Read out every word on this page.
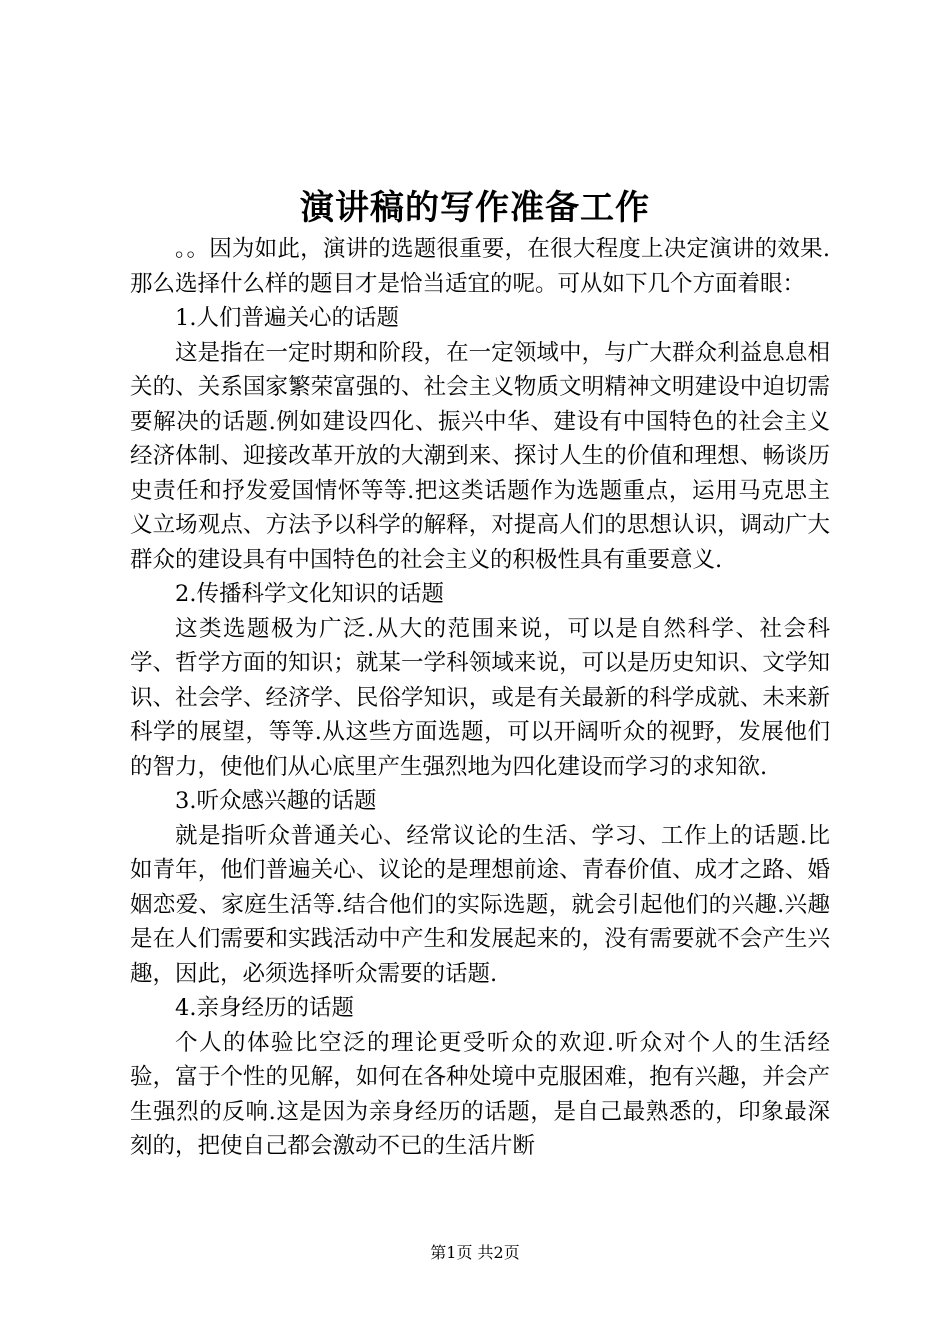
演讲稿的写作准备工作

。。因为如此，演讲的选题很重要，在很大程度上决定演讲的效果.那么选择什么样的题目才是恰当适宜的呢。可从如下几个方面着眼：

1.人们普遍关心的话题

这是指在一定时期和阶段，在一定领域中，与广大群众利益息息相关的、关系国家繁荣富强的、社会主义物质文明精神文明建设中迫切需要解决的话题.例如建设四化、振兴中华、建设有中国特色的社会主义经济体制、迎接改革开放的大潮到来、探讨人生的价值和理想、畅谈历史责任和抒发爱国情怀等等.把这类话题作为选题重点，运用马克思主义立场观点、方法予以科学的解释，对提高人们的思想认识，调动广大群众的建设具有中国特色的社会主义的积极性具有重要意义.

2.传播科学文化知识的话题

这类选题极为广泛.从大的范围来说，可以是自然科学、社会科学、哲学方面的知识；就某一学科领域来说，可以是历史知识、文学知识、社会学、经济学、民俗学知识，或是有关最新的科学成就、未来新科学的展望，等等.从这些方面选题，可以开阔听众的视野，发展他们的智力，使他们从心底里产生强烈地为四化建设而学习的求知欲.

3.听众感兴趣的话题

就是指听众普通关心、经常议论的生活、学习、工作上的话题.比如青年，他们普遍关心、议论的是理想前途、青春价值、成才之路、婚姻恋爱、家庭生活等.结合他们的实际选题，就会引起他们的兴趣.兴趣是在人们需要和实践活动中产生和发展起来的，没有需要就不会产生兴趣，因此，必须选择听众需要的话题.

4.亲身经历的话题

个人的体验比空泛的理论更受听众的欢迎.听众对个人的生活经验，富于个性的见解，如何在各种处境中克服困难，抱有兴趣，并会产生强烈的反响.这是因为亲身经历的话题，是自己最熟悉的，印象最深刻的，把使自己都会激动不已的生活片断

第1页 共2页
